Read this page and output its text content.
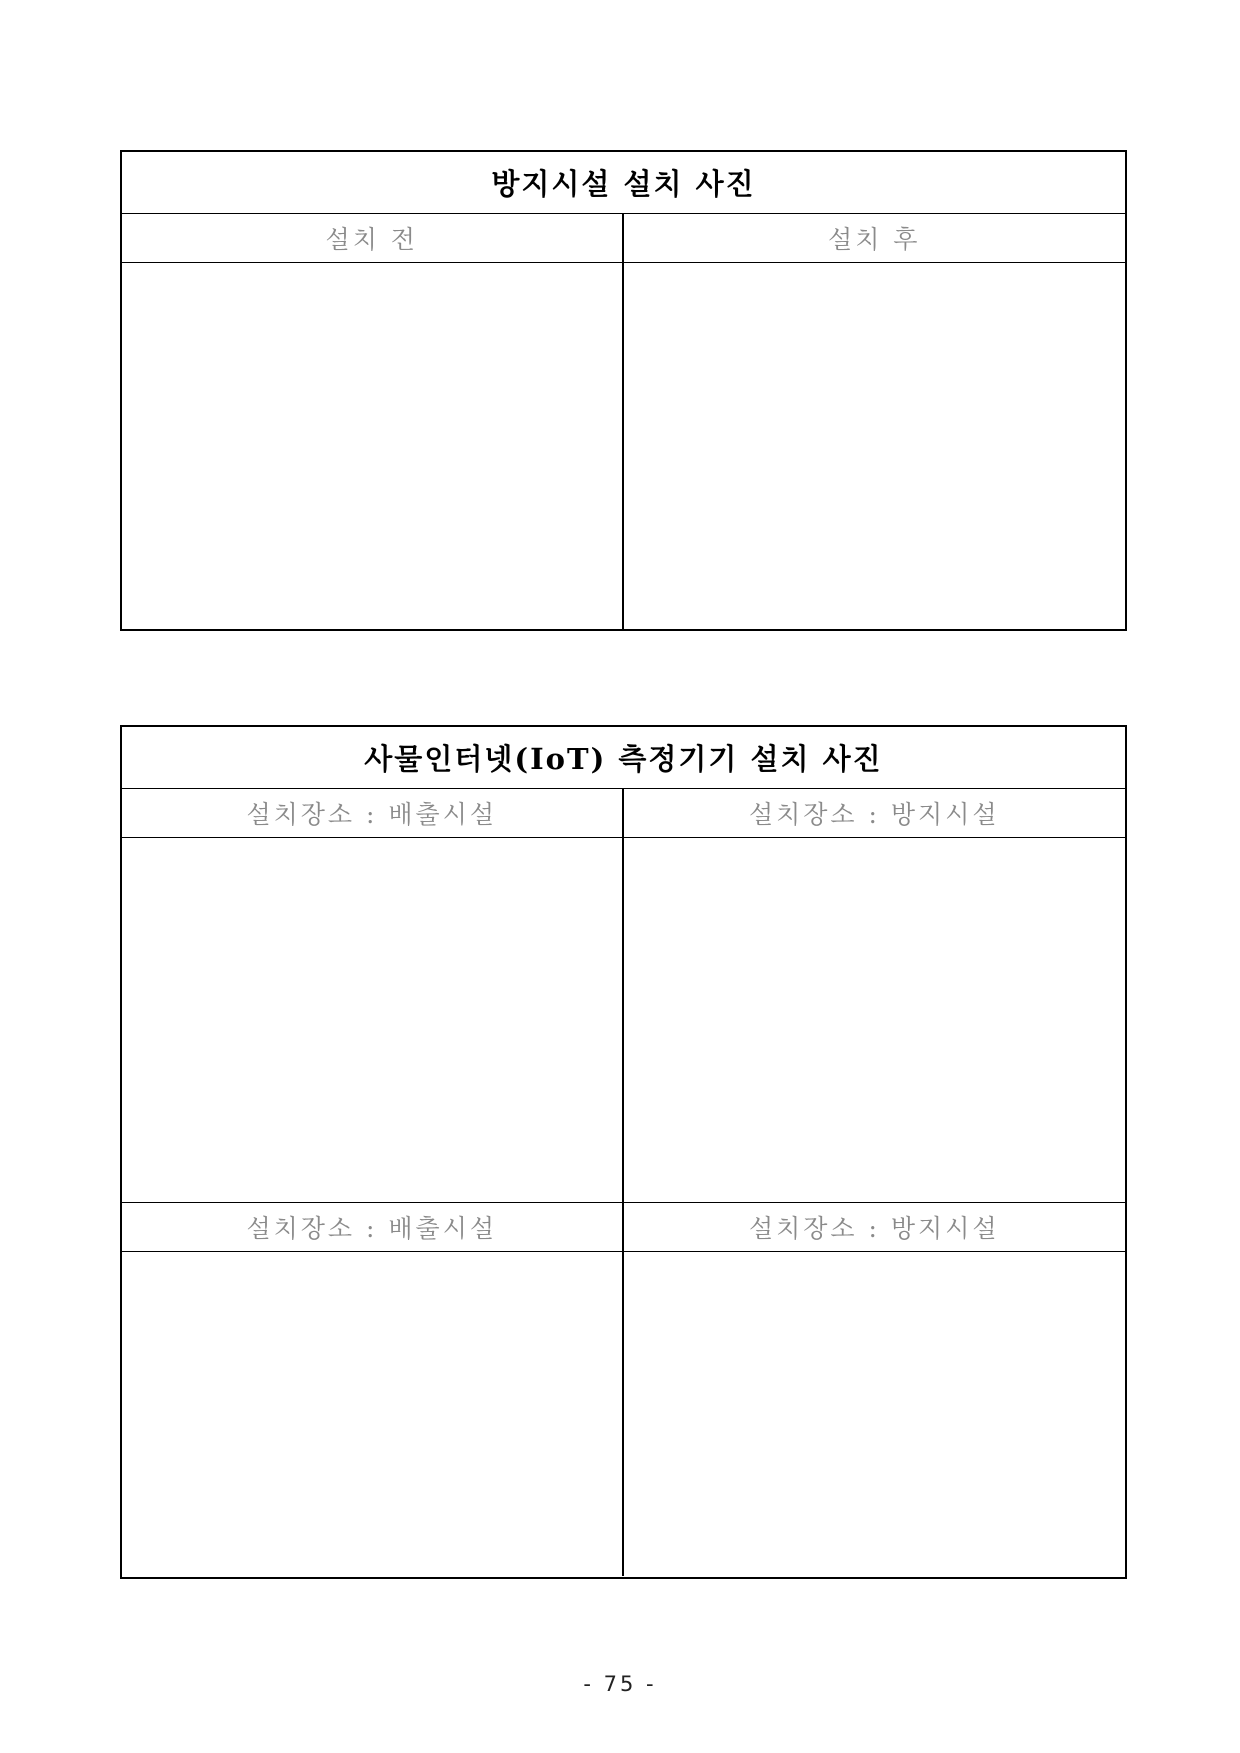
방지시설 설치 사진
설치 전	설치 후
사물인터넷(IoT) 측정기기 설치 사진
설치장소 : 배출시설	설치장소 : 방지시설
설치장소 : 배출시설	설치장소 : 방지시설
- 75 -
